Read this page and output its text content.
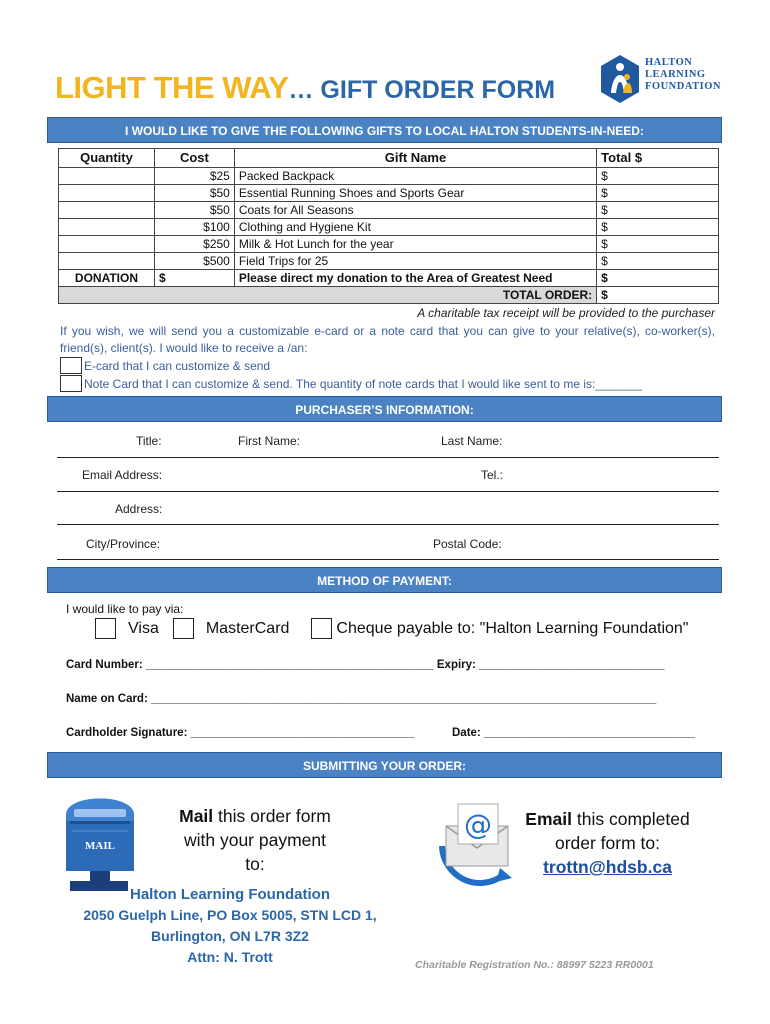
LIGHT THE WAY… GIFT ORDER FORM
HALTON
LEARNING
FOUNDATION
I WOULD LIKE TO GIVE THE FOLLOWING GIFTS TO LOCAL HALTON STUDENTS-IN-NEED:
Quantity	Cost	Gift Name	Total $
	$25	Packed Backpack	$
	$50	Essential Running Shoes and Sports Gear	$
	$50	Coats for All Seasons	$
	$100	Clothing and Hygiene Kit	$
	$250	Milk & Hot Lunch for the year	$
	$500	Field Trips for 25	$
DONATION	$	Please direct my donation to the Area of Greatest Need	$
TOTAL ORDER:			$
A charitable tax receipt will be provided to the purchaser
If you wish, we will send you a customizable e-card or a note card that you can give to your relative(s), co-worker(s), friend(s), client(s). I would like to receive a /an:
E-card that I can customize & send
Note Card that I can customize & send. The quantity of note cards that I would like sent to me is:_______
PURCHASER’S INFORMATION:
Title:	First Name:	Last Name:
Email Address:	Tel.:
Address:
City/Province:	Postal Code:
METHOD OF PAYMENT:
I would like to pay via:
Visa	MasterCard	Cheque payable to: "Halton Learning Foundation"
Card Number: _____________________________________________ Expiry: _____________________________
Name on Card: _______________________________________________________________________________
Cardholder Signature: ___________________________________	Date: _________________________________
SUBMITTING YOUR ORDER:
MAIL
Mail this order form
with your payment
to:
@	Email this completed
order form to:
trottn@hdsb.ca
Halton Learning Foundation
2050 Guelph Line, PO Box 5005, STN LCD 1,
Burlington, ON L7R 3Z2
Attn: N. Trott	Charitable Registration No.: 88997 5223 RR0001
